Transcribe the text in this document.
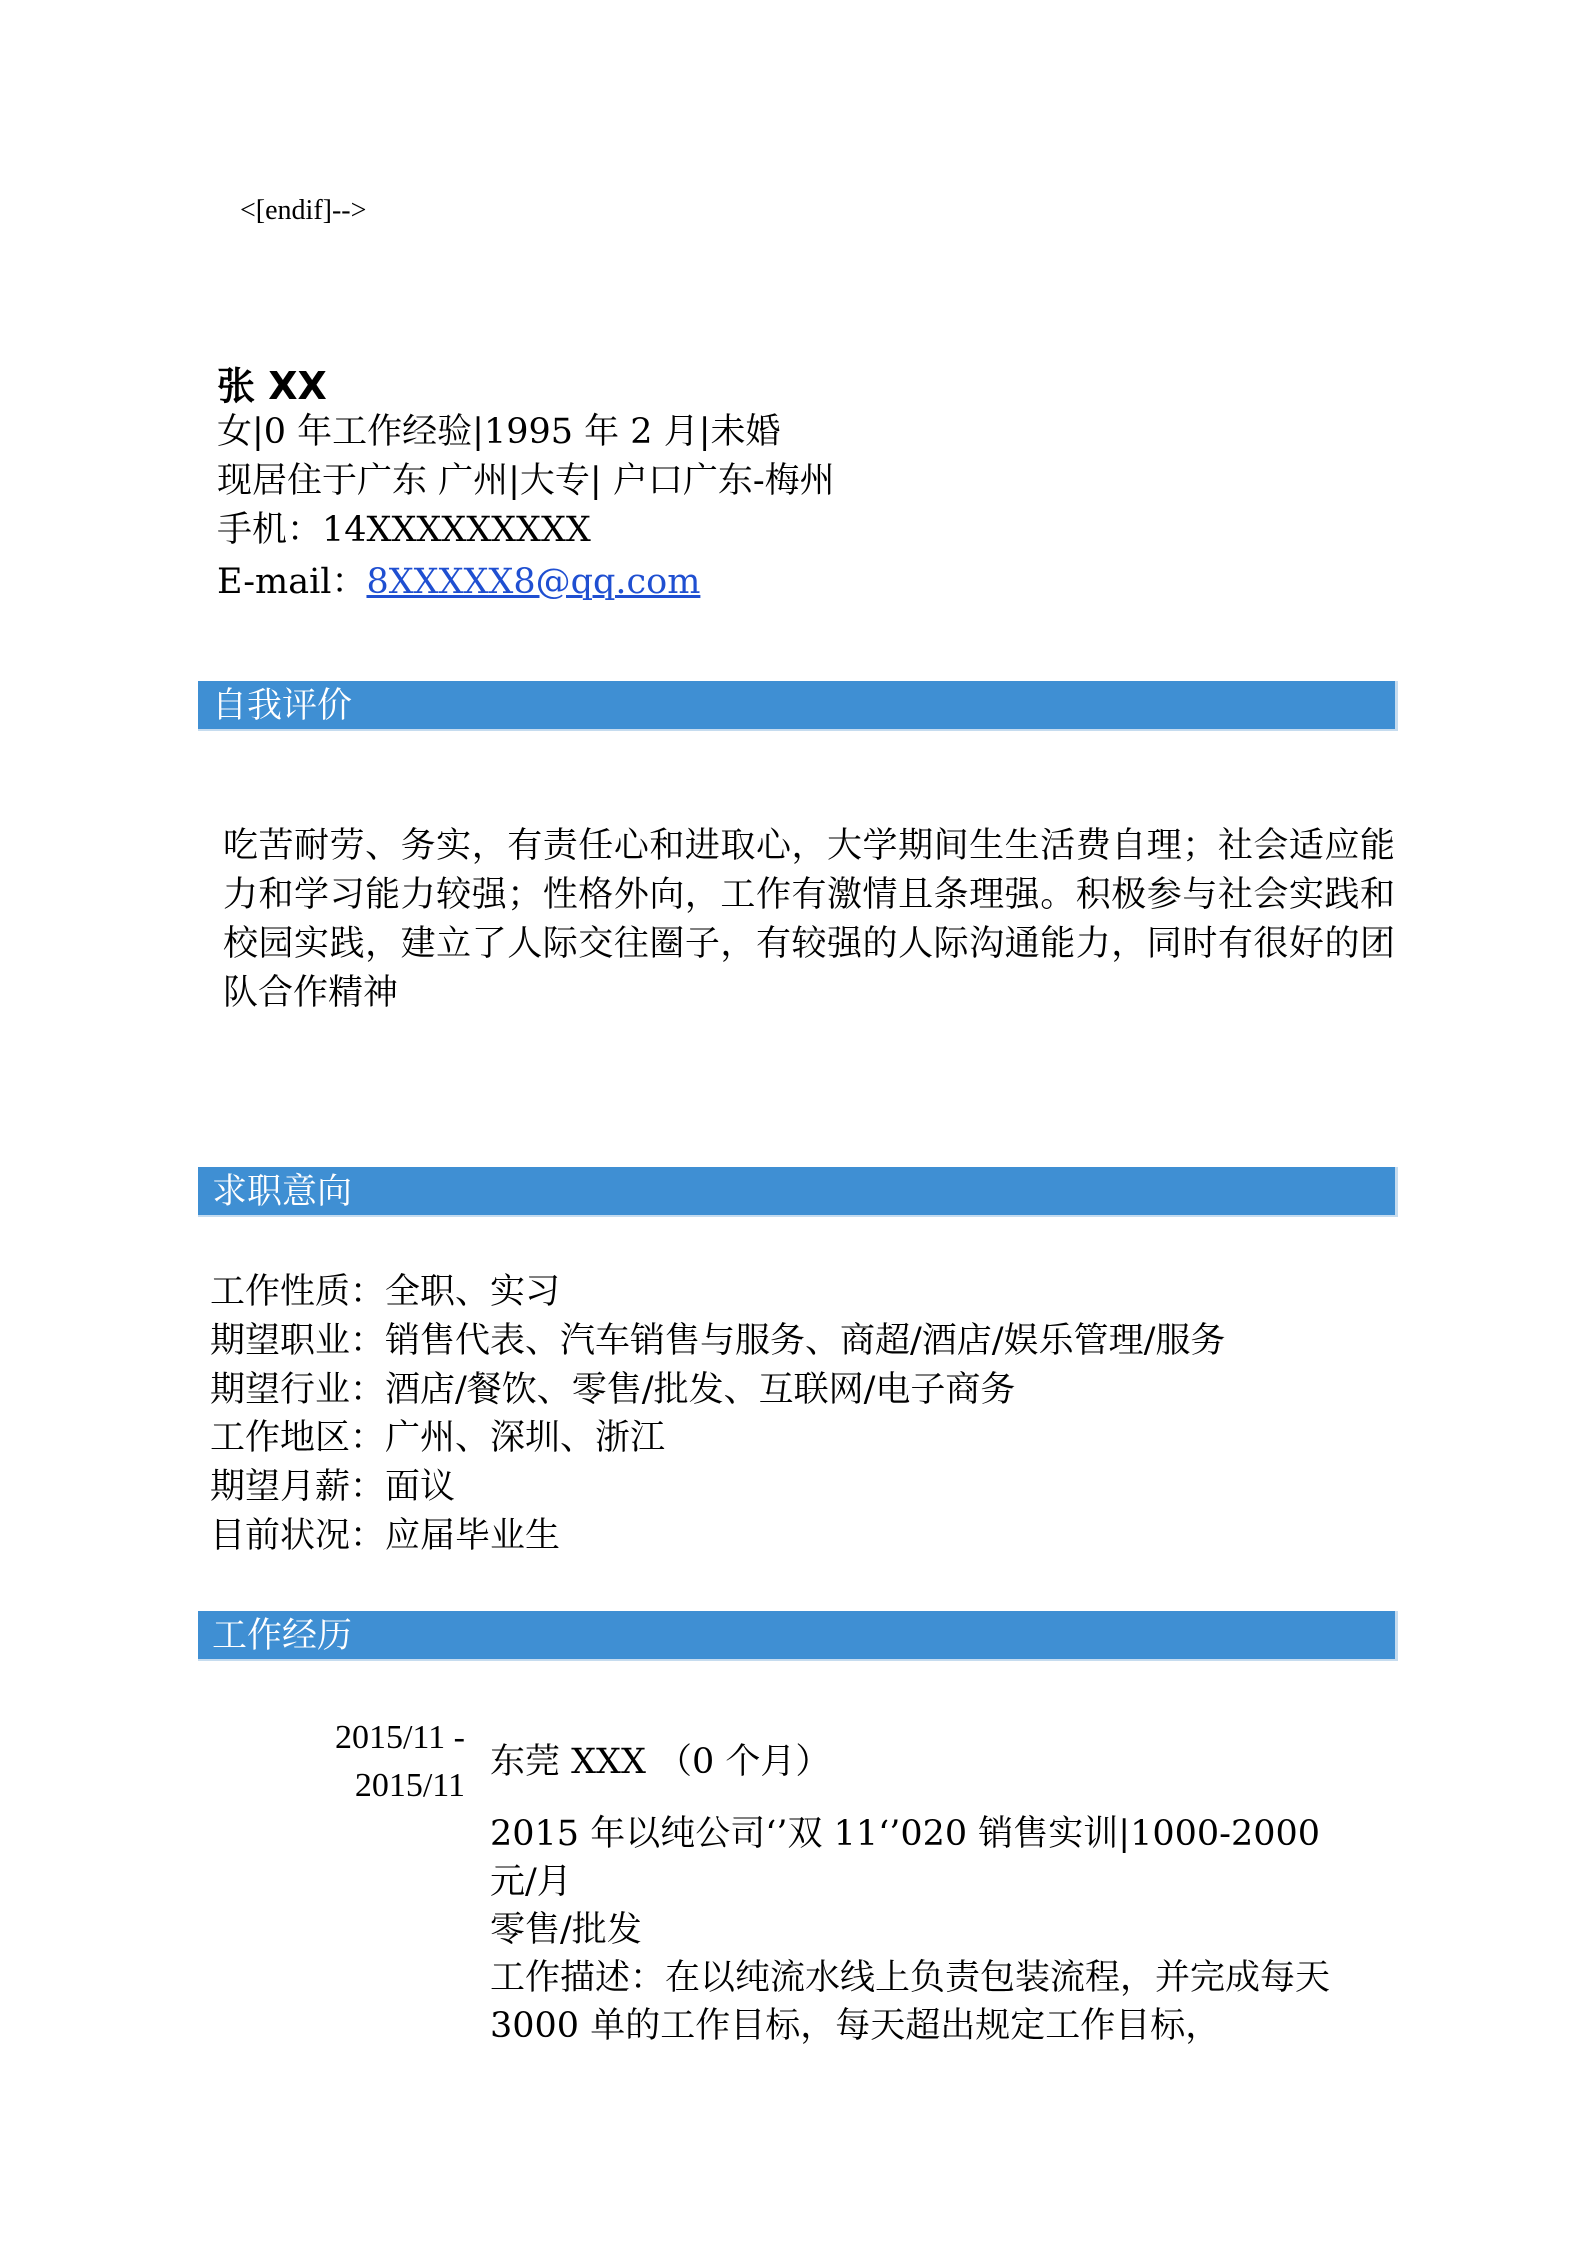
<[endif]-->
张 XX
女|0 年工作经验|1995 年 2 月|未婚
现居住于广东 广州|大专| 户口广东-梅州
手机：14XXXXXXXXX
E-mail：8XXXXX8@qq.com
自我评价
吃苦耐劳、务实，有责任心和进取心，大学期间生生活费自理；社会适应能力和学习能力较强；性格外向，工作有激情且条理强。积极参与社会实践和校园实践，建立了人际交往圈子，有较强的人际沟通能力，同时有很好的团队合作精神
求职意向
工作性质：全职、实习
期望职业：销售代表、汽车销售与服务、商超/酒店/娱乐管理/服务
期望行业：酒店/餐饮、零售/批发、互联网/电子商务
工作地区：广州、深圳、浙江
期望月薪：面议
目前状况：应届毕业生
工作经历
2015/11 -
2015/11
东莞 XXX （0 个月）
2015 年以纯公司‘’双 11‘’020 销售实训|1000-2000 元/月
零售/批发
工作描述：在以纯流水线上负责包装流程，并完成每天 3000 单的工作目标，每天超出规定工作目标，
